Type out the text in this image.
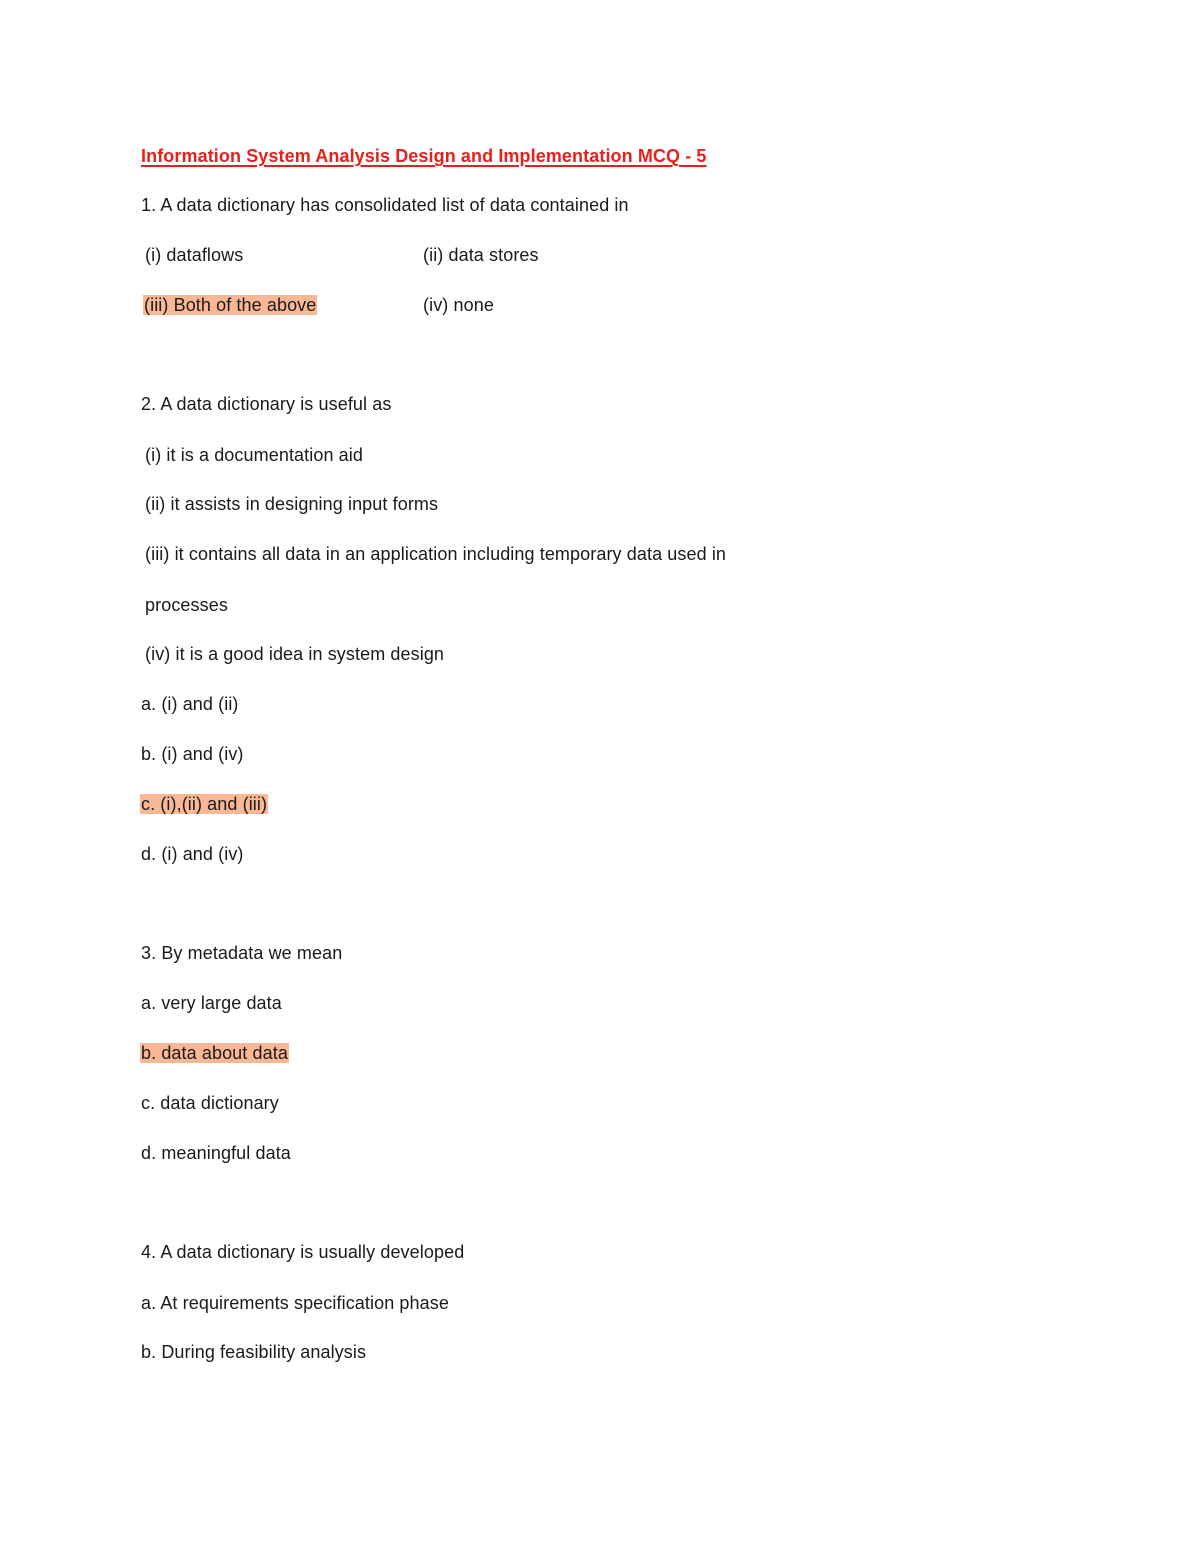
Information System Analysis Design and Implementation MCQ - 5
1. A data dictionary has consolidated list of data contained in
(i) dataflows	(ii) data stores
(iii) Both of the above	(iv) none
2. A data dictionary is useful as
(i) it is a documentation aid
(ii) it assists in designing input forms
(iii) it contains all data in an application including temporary data used in
processes
(iv) it is a good idea in system design
a. (i) and (ii)
b. (i) and (iv)
c. (i),(ii) and (iii)
d. (i) and (iv)
3. By metadata we mean
a. very large data
b. data about data
c. data dictionary
d. meaningful data
4. A data dictionary is usually developed
a. At requirements specification phase
b. During feasibility analysis
